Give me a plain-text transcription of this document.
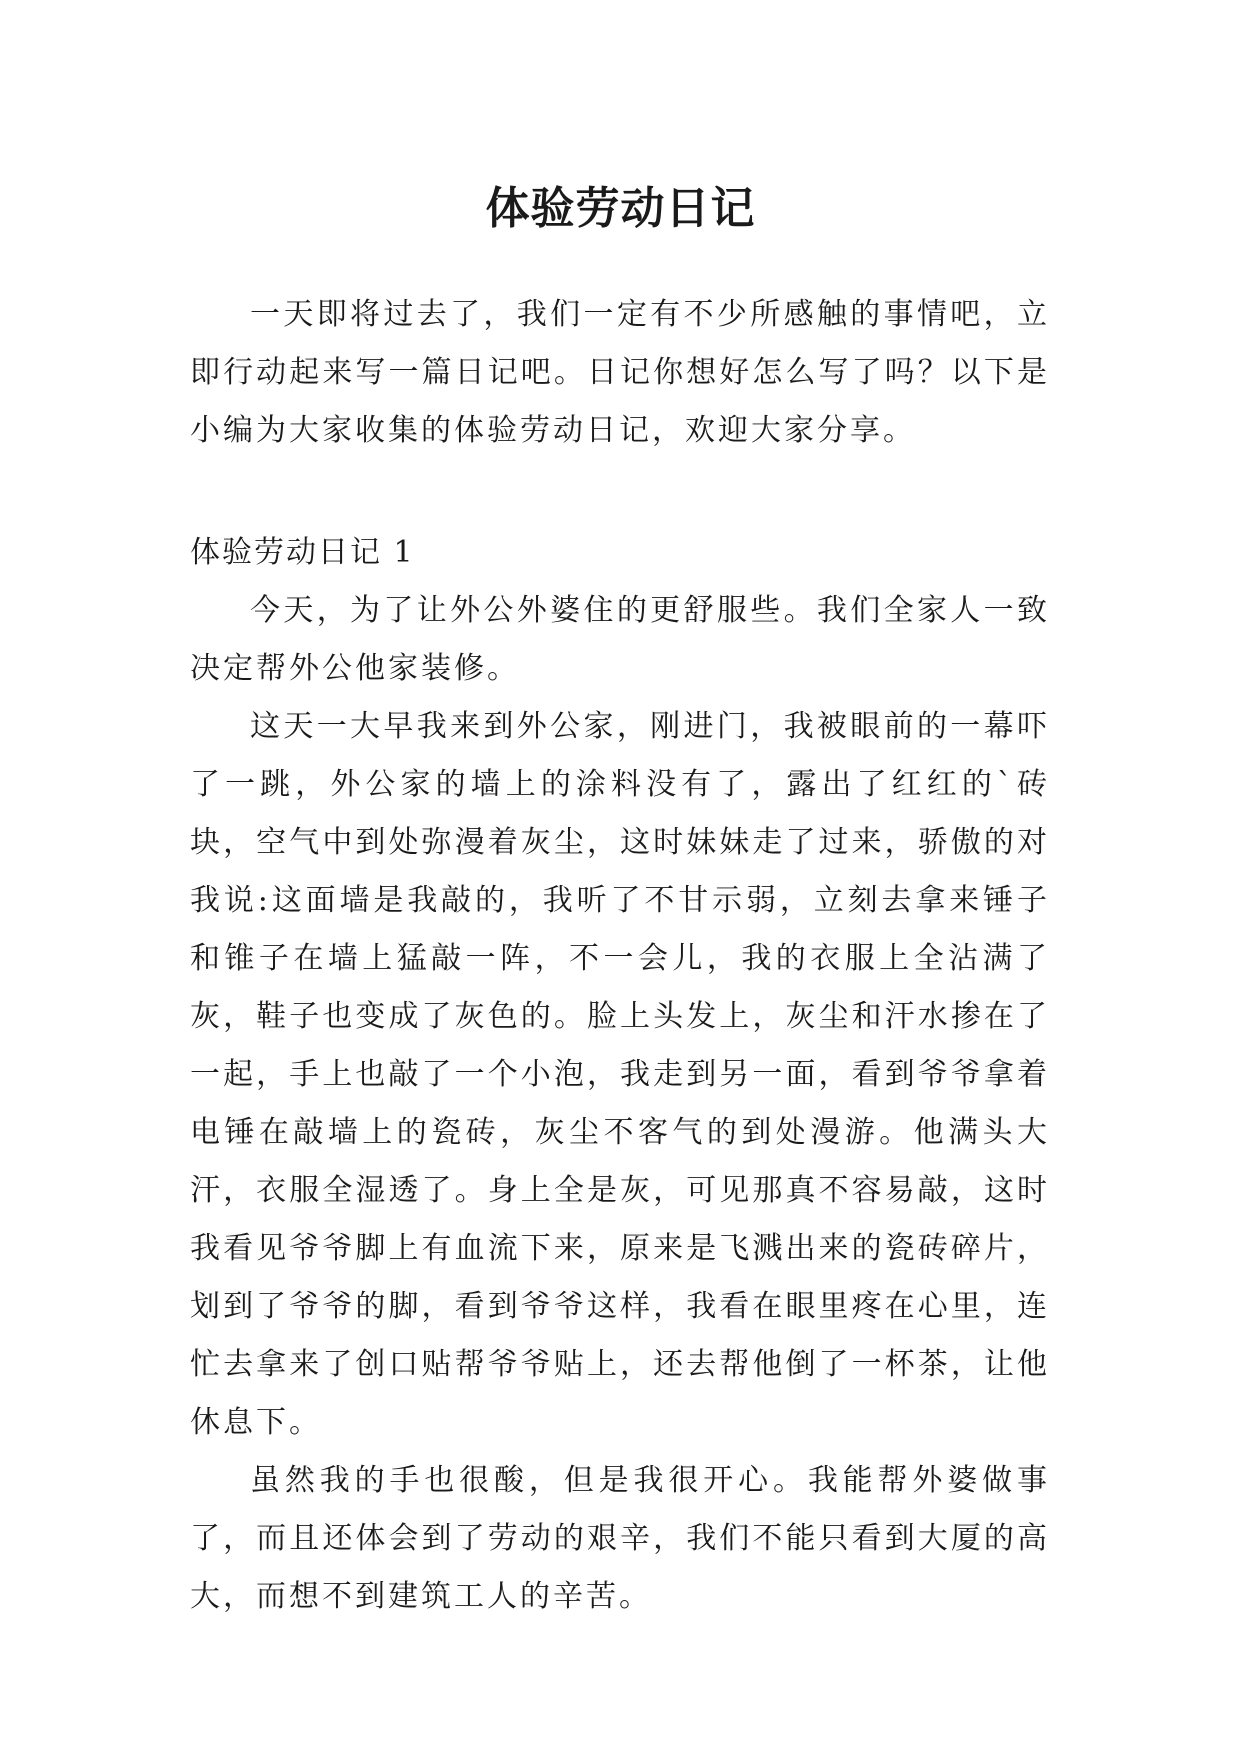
体验劳动日记

一天即将过去了，我们一定有不少所感触的事情吧，立即行动起来写一篇日记吧。日记你想好怎么写了吗？以下是小编为大家收集的体验劳动日记，欢迎大家分享。

体验劳动日记 1

今天，为了让外公外婆住的更舒服些。我们全家人一致决定帮外公他家装修。

这天一大早我来到外公家，刚进门，我被眼前的一幕吓了一跳，外公家的墙上的涂料没有了，露出了红红的`砖块，空气中到处弥漫着灰尘，这时妹妹走了过来，骄傲的对我说:这面墙是我敲的，我听了不甘示弱，立刻去拿来锤子和锥子在墙上猛敲一阵，不一会儿，我的衣服上全沾满了灰，鞋子也变成了灰色的。脸上头发上，灰尘和汗水掺在了一起，手上也敲了一个小泡，我走到另一面，看到爷爷拿着电锤在敲墙上的瓷砖，灰尘不客气的到处漫游。他满头大汗，衣服全湿透了。身上全是灰，可见那真不容易敲，这时我看见爷爷脚上有血流下来，原来是飞溅出来的瓷砖碎片，划到了爷爷的脚，看到爷爷这样，我看在眼里疼在心里，连忙去拿来了创口贴帮爷爷贴上，还去帮他倒了一杯茶，让他休息下。

虽然我的手也很酸，但是我很开心。我能帮外婆做事了，而且还体会到了劳动的艰辛，我们不能只看到大厦的高大，而想不到建筑工人的辛苦。
